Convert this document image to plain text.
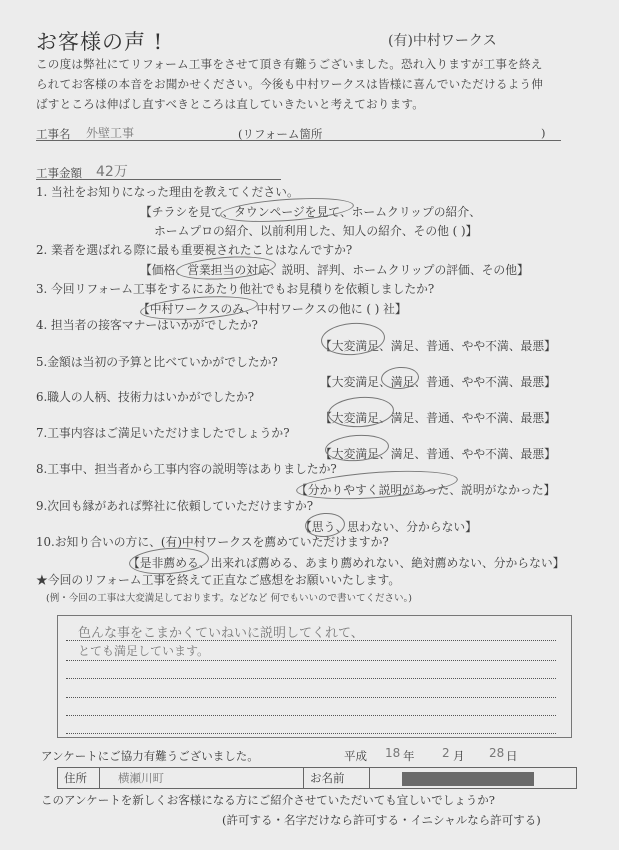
お客様の声 !	(有)中村ワークス
この度は弊社にてリフォーム工事をさせて頂き有難うございました。恐れ入りますが工事を終え
られてお客様の本音をお聞かせください。今後も中村ワークスは皆様に喜んでいただけるよう伸
ばすところは伸ばし直すべきところは直していきたいと考えております。
工事名 外壁工事	(リフォーム箇所	)
工事金額 42万
1. 当社をお知りになった理由を教えてください。
【チラシを見て、タウンページを見て、ホームクリップの紹介、
ホームプロの紹介、以前利用した、知人の紹介、その他 ( )】
2. 業者を選ばれる際に最も重要視されたことはなんですか?
【価格、営業担当の対応、説明、評判、ホームクリップの評価、その他】
3. 今回リフォーム工事をするにあたり他社でもお見積りを依頼しましたか?
【中村ワークスのみ、中村ワークスの他に ( ) 社】
4. 担当者の接客マナーはいかがでしたか?
【大変満足、満足、普通、やや不満、最悪】
5.金額は当初の予算と比べていかがでしたか?
【大変満足、満足、普通、やや不満、最悪】
6.職人の人柄、技術力はいかがでしたか?
【大変満足、満足、普通、やや不満、最悪】
7.工事内容はご満足いただけましたでしょうか?
【大変満足、満足、普通、やや不満、最悪】
8.工事中、担当者から工事内容の説明等はありましたか?
【分かりやすく説明があった、説明がなかった】
9.次回も縁があれば弊社に依頼していただけますか?
【思う、思わない、分からない】
10.お知り合いの方に、(有)中村ワークスを薦めていただけますか?
【是非薦める、出来れば薦める、あまり薦めれない、絶対薦めない、分からない】
★今回のリフォーム工事を終えて正直なご感想をお願いいたします。
(例・今回の工事は大変満足しております。などなど 何でもいいので書いてください。)
色んな事をこまかくていねいに説明してくれて、
とても満足しています。
アンケートにご協力有難うございました。	平成 18 年 2 月 28 日
住所	横瀬川町	お名前
このアンケートを新しくお客様になる方にご紹介させていただいても宜しいでしょうか?
(許可する・名字だけなら許可する・イニシャルなら許可する)
